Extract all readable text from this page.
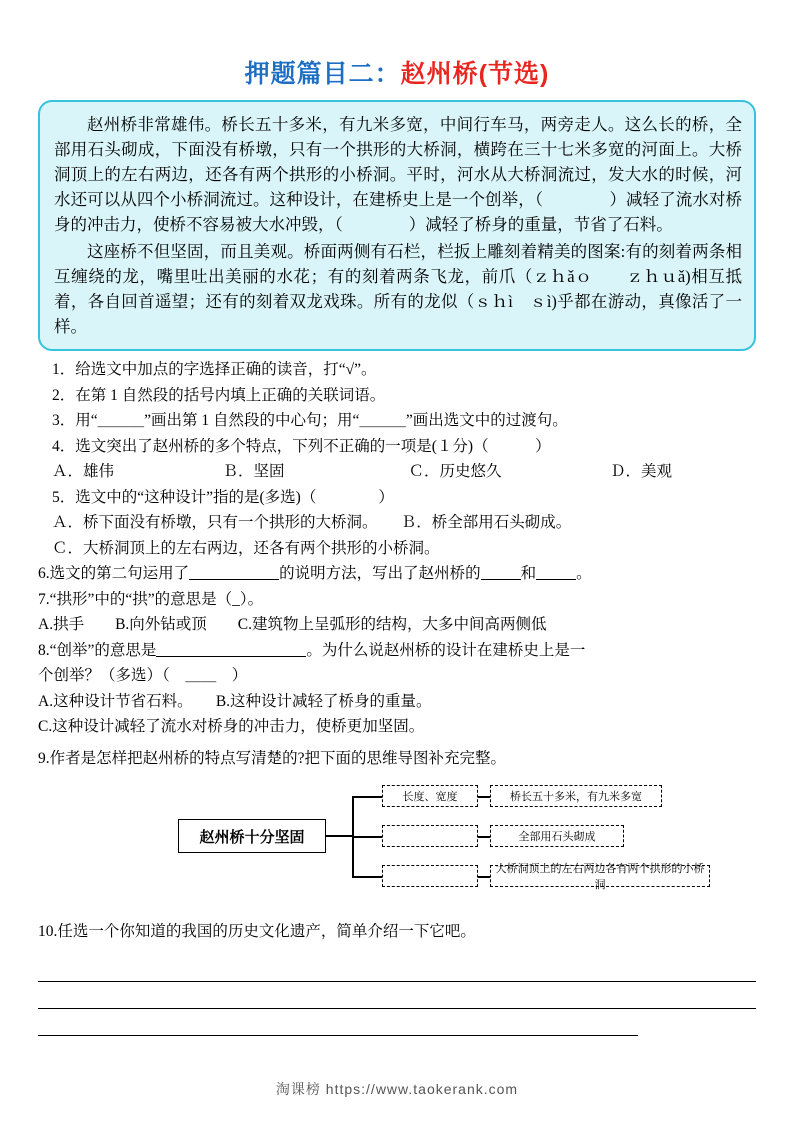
押题篇目二：赵州桥(节选)

赵州桥非常雄伟。桥长五十多米，有九米多宽，中间行车马，两旁走人。这么长的桥，全部用石头砌成，下面没有桥墩，只有一个拱形的大桥洞，横跨在三十七米多宽的河面上。大桥洞顶上的左右两边，还各有两个拱形的小桥洞。平时，河水从大桥洞流过，发大水的时候，河水还可以从四个小桥洞流过。这种设计，在建桥史上是一个创举，（　　　　）减轻了流水对桥身的冲击力，使桥不容易被大水冲毁，（　　　　）减轻了桥身的重量，节省了石料。

这座桥不但坚固，而且美观。桥面两侧有石栏，栏扳上雕刻着精美的图案:有的刻着两条相互缠绕的龙，嘴里吐出美丽的水花；有的刻着两条飞龙，前爪（ｚｈǎｏ　　ｚｈｕǎ)相互抵着，各自回首遥望；还有的刻着双龙戏珠。所有的龙似（ｓｈì　ｓì)乎都在游动，真像活了一样。

1．给选文中加点的字选择正确的读音，打“√”。

2．在第 1 自然段的括号内填上正确的关联词语。

3．用“＿＿＿”画出第 1 自然段的中心句；用“＿＿＿”画出选文中的过渡句。

4．选文突出了赵州桥的多个特点，下列不正确的一项是(１分)（　　　）

Ａ．雄伟　　　　　　　Ｂ．坚固　　　　　　　　Ｃ．历史悠久　　　　　　　Ｄ．美观

5．选文中的“这种设计”指的是(多选)（　　　　）

Ａ．桥下面没有桥墩，只有一个拱形的大桥洞。　　Ｂ．桥全部用石头砌成。

Ｃ．大桥洞顶上的左右两边，还各有两个拱形的小桥洞。

6.选文的第二句运用了	的说明方法，写出了赵州桥的	和	。

7.“拱形”中的“拱”的意思是（_）。

A.拱手　　B.向外钻或顶　　C.建筑物上呈弧形的结构，大多中间高两侧低

8.“创举”的意思是	。为什么说赵州桥的设计在建桥史上是一

个创举？（多选）（　＿＿　）

A.这种设计节省石料。　　B.这种设计减轻了桥身的重量。

C.这种设计减轻了流水对桥身的冲击力，使桥更加坚固。

9.作者是怎样把赵州桥的特点写清楚的?把下面的思维导图补充完整。

赵州桥十分坚固
长度、宽度	桥长五十多米，有九米多宽
全部用石头砌成
大桥洞顶上的左右两边各有两个拱形的小桥洞

10.任选一个你知道的我国的历史文化遗产，简单介绍一下它吧。

淘课榜 https://www.taokerank.com
